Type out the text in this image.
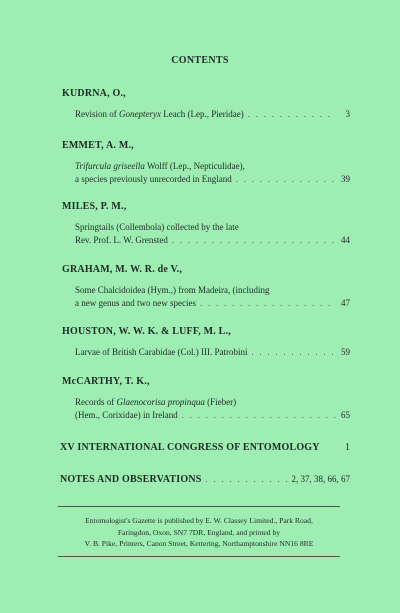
CONTENTS
KUDRNA, O.,
Revision of Gonepteryx Leach (Lep., Pieridae) . . .	3
EMMET, A. M.,
Trifurcula griseella Wolff (Lep., Nepticulidae),
a species previously unrecorded in England . . .	39
MILES, P. M.,
Springtails (Collembola) collected by the late
Rev. Prof. L. W. Grensted . . .	44
GRAHAM, M. W. R. de V.,
Some Chalcidoidea (Hym.,) from Madeira, (including
a new genus and two new species . . .	47
HOUSTON, W. W. K. & LUFF, M. L.,
Larvae of British Carabidae (Col.) III. Patrobini . . .	59
McCARTHY, T. K.,
Records of Glaenocorisa propinqua (Fieber)
(Hem., Corixidae) in Ireland . . .	65
XV INTERNATIONAL CONGRESS OF ENTOMOLOGY	1
NOTES AND OBSERVATIONS . . .	2, 37, 38, 66, 67
Entomologist's Gazette is published by E. W. Classey Limited., Park Road,
Faringdon, Oxon, SN7 7DR, England, and printed by
V. B. Pike, Printers, Canon Street, Kettering, Northamptonshire NN16 8RE
